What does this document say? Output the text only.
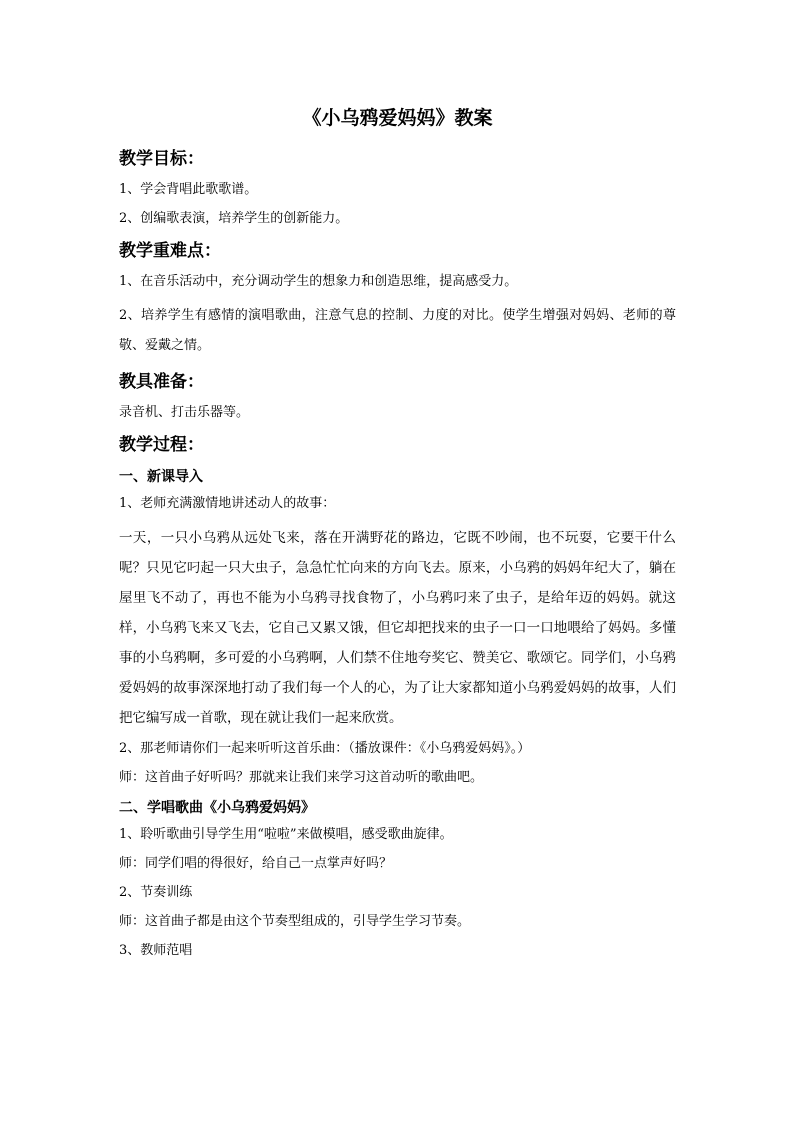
《小乌鸦爱妈妈》教案
教学目标：

1、学会背唱此歌歌谱。

2、创编歌表演，培养学生的创新能力。

教学重难点：

1、在音乐活动中，充分调动学生的想象力和创造思维，提高感受力。

2、培养学生有感情的演唱歌曲，注意气息的控制、力度的对比。使学生增强对妈妈、老师的尊敬、爱戴之情。

教具准备：

录音机、打击乐器等。

教学过程：
一、新课导入

1、老师充满激情地讲述动人的故事：

一天，一只小乌鸦从远处飞来，落在开满野花的路边，它既不吵闹，也不玩耍，它要干什么呢？只见它叼起一只大虫子，急急忙忙向来的方向飞去。原来，小乌鸦的妈妈年纪大了，躺在屋里飞不动了，再也不能为小乌鸦寻找食物了，小乌鸦叼来了虫子，是给年迈的妈妈。就这样，小乌鸦飞来又飞去，它自己又累又饿，但它却把找来的虫子一口一口地喂给了妈妈。多懂事的小乌鸦啊，多可爱的小乌鸦啊，人们禁不住地夸奖它、赞美它、歌颂它。同学们，小乌鸦爱妈妈的故事深深地打动了我们每一个人的心，为了让大家都知道小乌鸦爱妈妈的故事，人们把它编写成一首歌，现在就让我们一起来欣赏。

2、那老师请你们一起来听听这首乐曲：（播放课件：《小乌鸦爱妈妈》。）

师：这首曲子好听吗？那就来让我们来学习这首动听的歌曲吧。

二、学唱歌曲《小乌鸦爱妈妈》

1、聆听歌曲引导学生用“啦啦”来做模唱，感受歌曲旋律。

师：同学们唱的得很好，给自己一点掌声好吗？

2、节奏训练

师：这首曲子都是由这个节奏型组成的，引导学生学习节奏。

3、教师范唱
